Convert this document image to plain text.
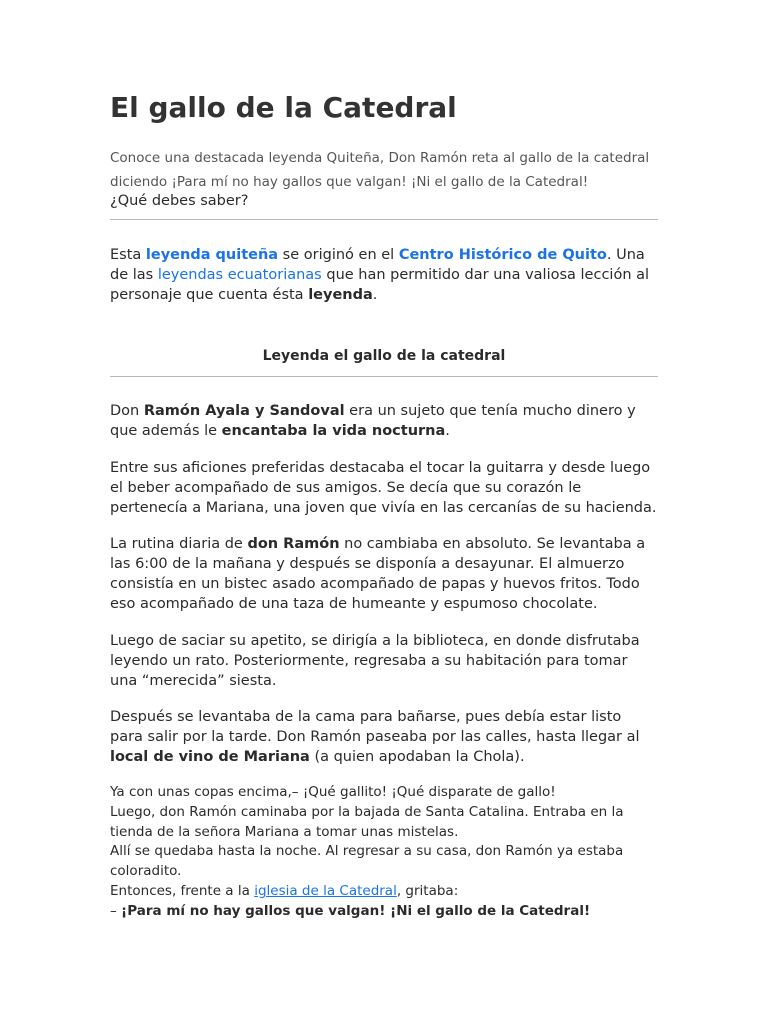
El gallo de la Catedral

Conoce una destacada leyenda Quiteña, Don Ramón reta al gallo de la catedral diciendo ¡Para mí no hay gallos que valgan! ¡Ni el gallo de la Catedral!

¿Qué debes saber?

Esta leyenda quiteña se originó en el Centro Histórico de Quito. Una de las leyendas ecuatorianas que han permitido dar una valiosa lección al personaje que cuenta ésta leyenda.

Leyenda el gallo de la catedral

Don Ramón Ayala y Sandoval era un sujeto que tenía mucho dinero y que además le encantaba la vida nocturna.

Entre sus aficiones preferidas destacaba el tocar la guitarra y desde luego el beber acompañado de sus amigos. Se decía que su corazón le pertenecía a Mariana, una joven que vivía en las cercanías de su hacienda.

La rutina diaria de don Ramón no cambiaba en absoluto. Se levantaba a las 6:00 de la mañana y después se disponía a desayunar. El almuerzo consistía en un bistec asado acompañado de papas y huevos fritos. Todo eso acompañado de una taza de humeante y espumoso chocolate.

Luego de saciar su apetito, se dirigía a la biblioteca, en donde disfrutaba leyendo un rato. Posteriormente, regresaba a su habitación para tomar una “merecida” siesta.

Después se levantaba de la cama para bañarse, pues debía estar listo para salir por la tarde. Don Ramón paseaba por las calles, hasta llegar al local de vino de Mariana (a quien apodaban la Chola).

Ya con unas copas encima,– ¡Qué gallito! ¡Qué disparate de gallo!
Luego, don Ramón caminaba por la bajada de Santa Catalina. Entraba en la tienda de la señora Mariana a tomar unas mistelas.
Allí se quedaba hasta la noche. Al regresar a su casa, don Ramón ya estaba coloradito.
Entonces, frente a la iglesia de la Catedral, gritaba:
– ¡Para mí no hay gallos que valgan! ¡Ni el gallo de la Catedral!
